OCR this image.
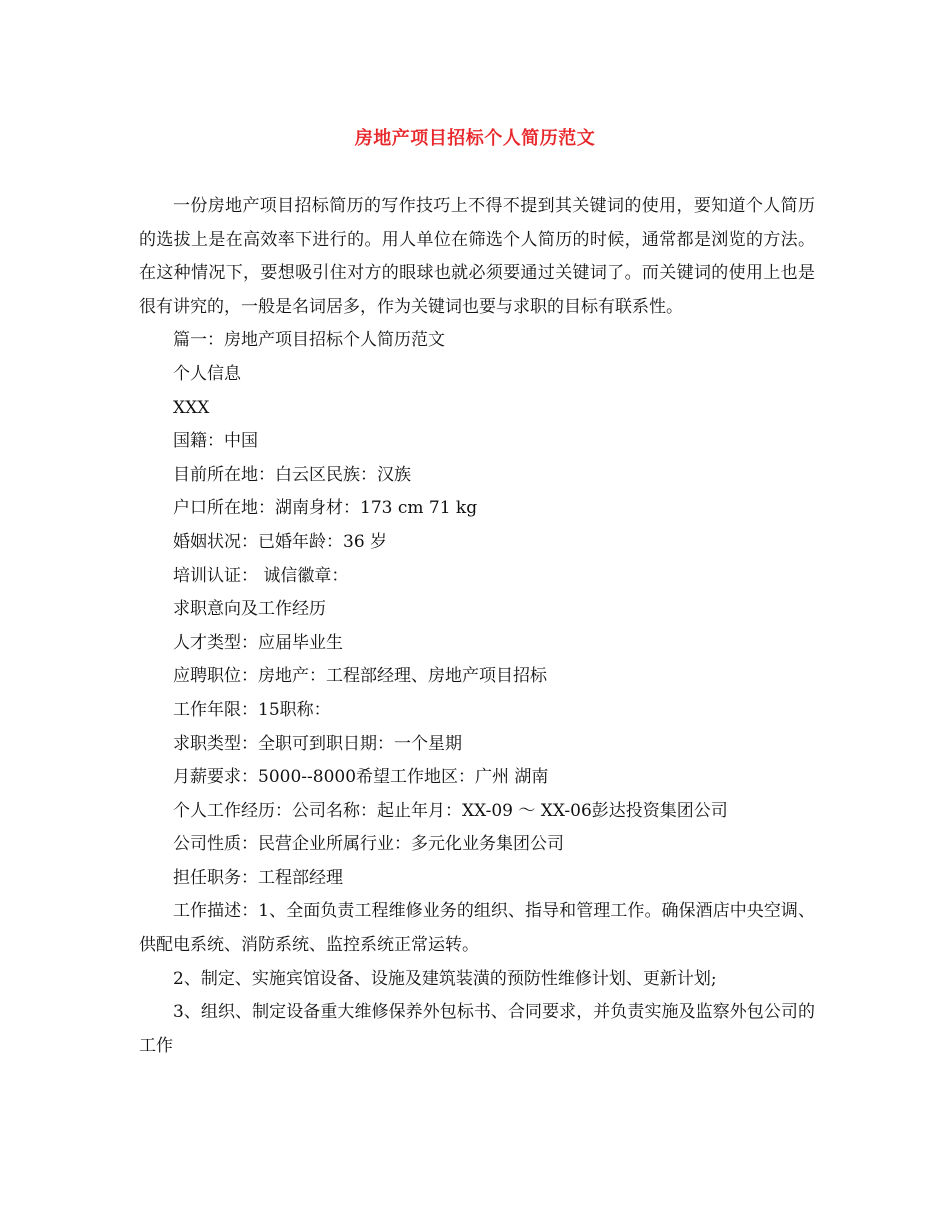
房地产项目招标个人简历范文

一份房地产项目招标简历的写作技巧上不得不提到其关键词的使用，要知道个人简历的选拔上是在高效率下进行的。用人单位在筛选个人简历的时候，通常都是浏览的方法。在这种情况下，要想吸引住对方的眼球也就必须要通过关键词了。而关键词的使用上也是很有讲究的，一般是名词居多，作为关键词也要与求职的目标有联系性。

篇一：房地产项目招标个人简历范文

个人信息

XXX

国籍：中国

目前所在地：白云区民族：汉族

户口所在地：湖南身材：173 cm 71 kg

婚姻状况：已婚年龄：36 岁

培训认证： 诚信徽章：

求职意向及工作经历

人才类型：应届毕业生

应聘职位：房地产：工程部经理、房地产项目招标

工作年限：15职称：

求职类型：全职可到职日期：一个星期

月薪要求：5000--8000希望工作地区：广州 湖南

个人工作经历：公司名称：起止年月：XX-09 ～ XX-06彭达投资集团公司

公司性质：民营企业所属行业：多元化业务集团公司

担任职务：工程部经理

工作描述：1、全面负责工程维修业务的组织、指导和管理工作。确保酒店中央空调、供配电系统、消防系统、监控系统正常运转。

2、制定、实施宾馆设备、设施及建筑装潢的预防性维修计划、更新计划;

3、组织、制定设备重大维修保养外包标书、合同要求，并负责实施及监察外包公司的工作
